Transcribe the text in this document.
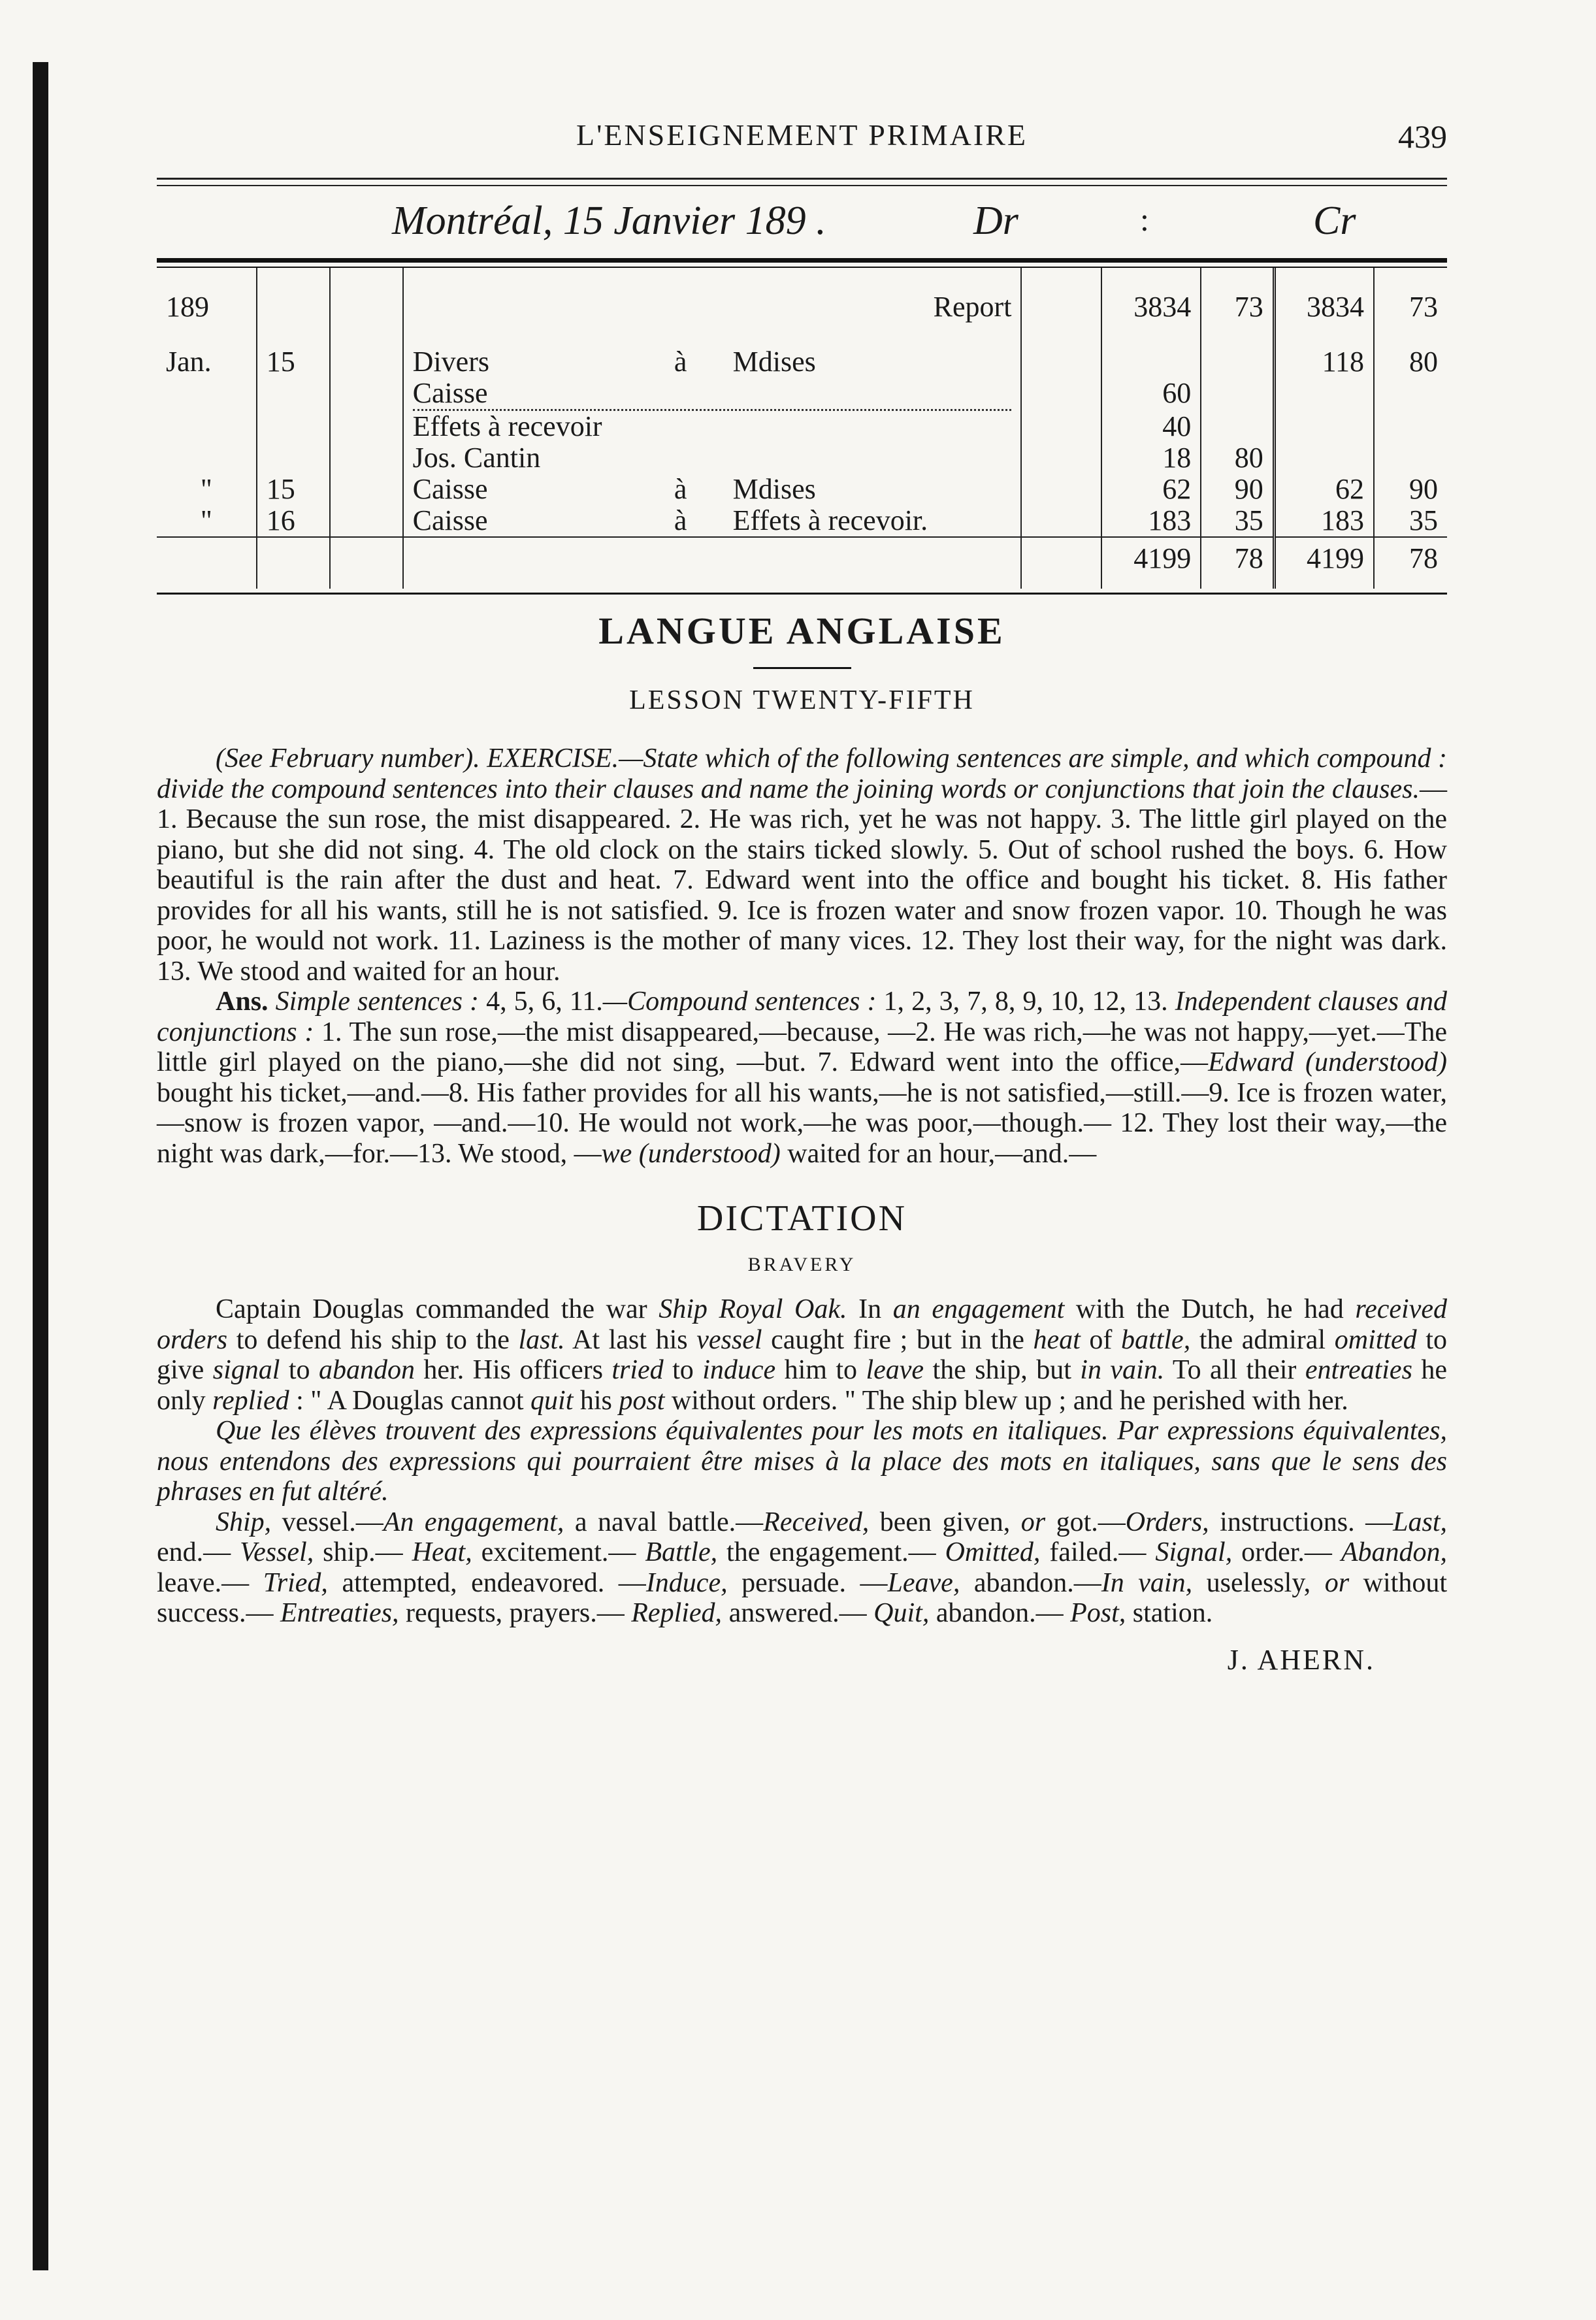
L'ENSEIGNEMENT PRIMAIRE	439
Montréal, 15 Janvier 189 .	Dr	:	Cr

189			Report		3834	73	3834	73

Jan.	15		Divers à Mdises				118	80

			Caisse		60			
			Effets à recevoir		40			
			Jos. Cantin		18	80		
"	15		Caisse à Mdises		62	90	62	90
"	16		Caisse à Effets à recevoir.		183	35	183	35
					4199	78	4199	78
LANGUE ANGLAISE
LESSON TWENTY-FIFTH

(See February number). EXERCISE.—State which of the following sentences are simple, and which compound : divide the compound sentences into their clauses and name the joining words or conjunctions that join the clauses.—1. Because the sun rose, the mist disappeared. 2. He was rich, yet he was not happy. 3. The little girl played on the piano, but she did not sing. 4. The old clock on the stairs ticked slowly. 5. Out of school rushed the boys. 6. How beautiful is the rain after the dust and heat. 7. Edward went into the office and bought his ticket. 8. His father provides for all his wants, still he is not satisfied. 9. Ice is frozen water and snow frozen vapor. 10. Though he was poor, he would not work. 11. Laziness is the mother of many vices. 12. They lost their way, for the night was dark. 13. We stood and waited for an hour.

Ans. Simple sentences : 4, 5, 6, 11.—Compound sentences : 1, 2, 3, 7, 8, 9, 10, 12, 13. Independent clauses and conjunctions : 1. The sun rose,—the mist disappeared,—because, —2. He was rich,—he was not happy,—yet.—The little girl played on the piano,—she did not sing, —but. 7. Edward went into the office,—Edward (understood) bought his ticket,—and.—8. His father provides for all his wants,—he is not satisfied,—still.—9. Ice is frozen water,—snow is frozen vapor, —and.—10. He would not work,—he was poor,—though.— 12. They lost their way,—the night was dark,—for.—13. We stood, —we (understood) waited for an hour,—and.—

DICTATION
BRAVERY

Captain Douglas commanded the war Ship Royal Oak. In an engagement with the Dutch, he had received orders to defend his ship to the last. At last his vessel caught fire ; but in the heat of battle, the admiral omitted to give signal to abandon her. His officers tried to induce him to leave the ship, but in vain. To all their entreaties he only replied : " A Douglas cannot quit his post without orders. " The ship blew up ; and he perished with her.

Que les élèves trouvent des expressions équivalentes pour les mots en italiques. Par expressions équivalentes, nous entendons des expressions qui pourraient être mises à la place des mots en italiques, sans que le sens des phrases en fut altéré.

Ship, vessel.—An engagement, a naval battle.—Received, been given, or got.—Orders, instructions. —Last, end.— Vessel, ship.— Heat, excitement.— Battle, the engagement.— Omitted, failed.— Signal, order.— Abandon, leave.— Tried, attempted, endeavored. —Induce, persuade. —Leave, abandon.—In vain, uselessly, or without success.— Entreaties, requests, prayers.— Replied, answered.— Quit, abandon.— Post, station.

J. AHERN.
